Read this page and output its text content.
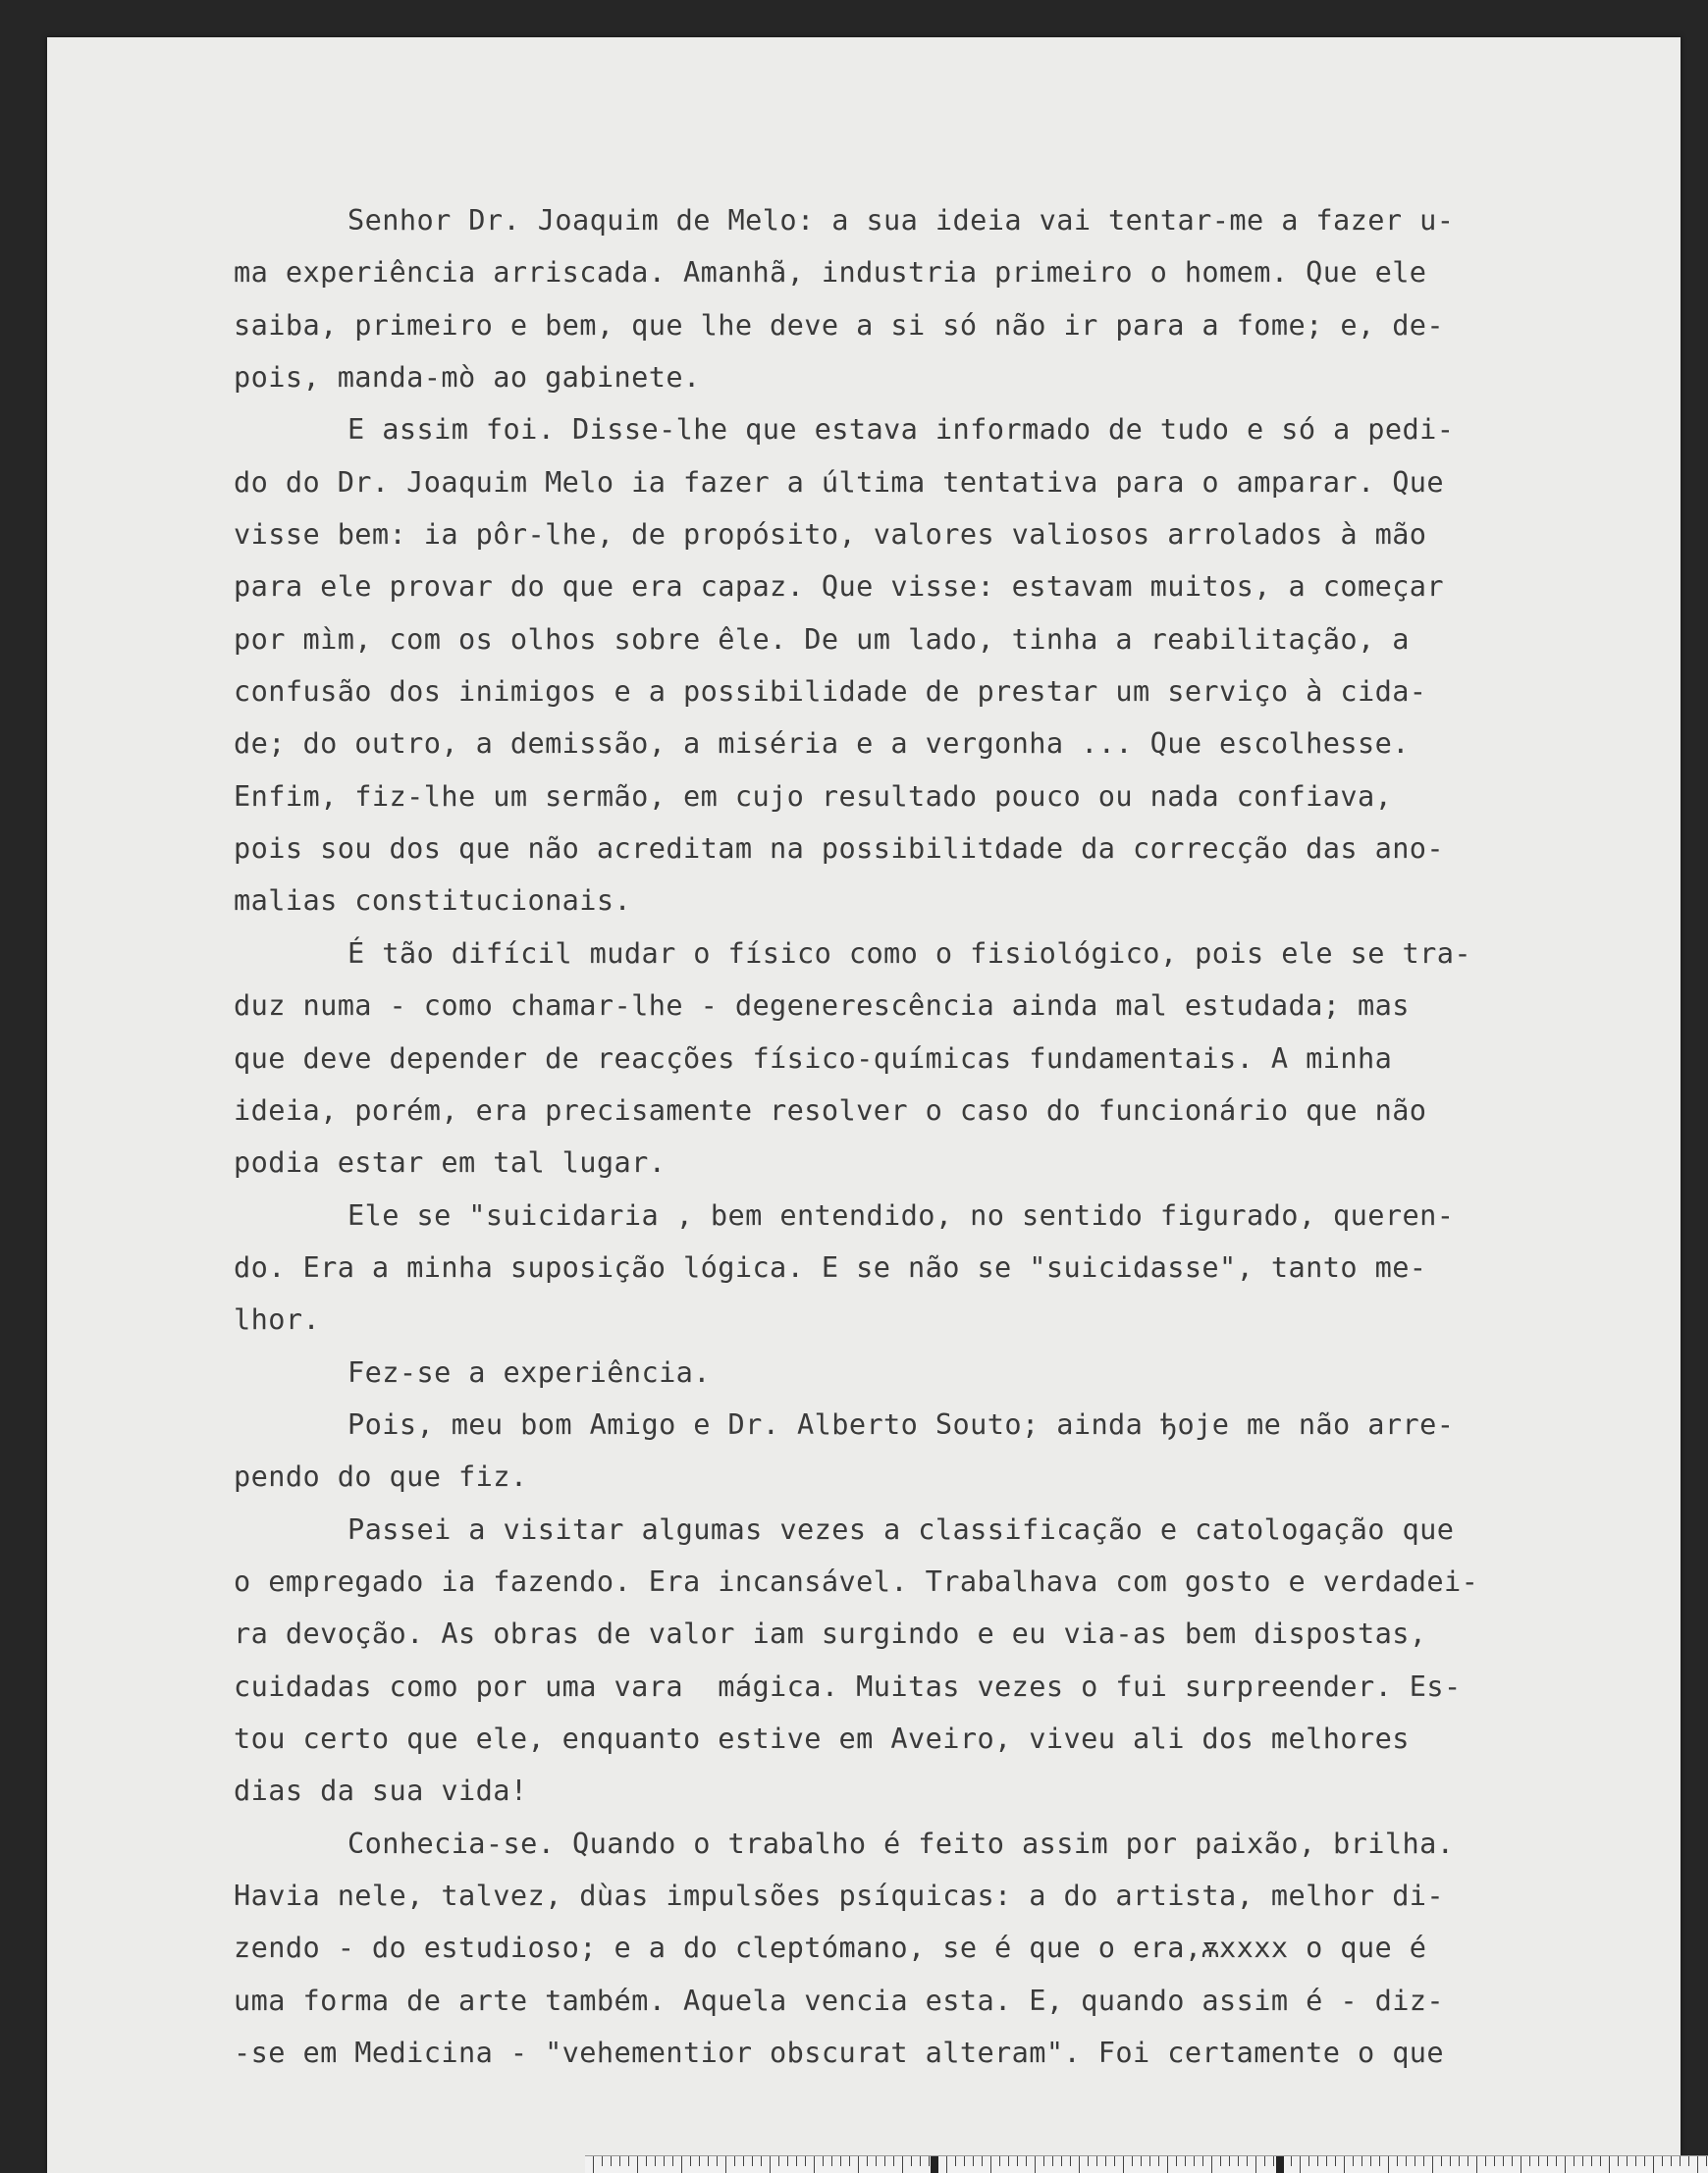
Senhor Dr. Joaquim de Melo: a sua ideia vai tentar-me a fazer u-
ma experiência arriscada. Amanhã, industria primeiro o homem. Que ele
saiba, primeiro e bem, que lhe deve a si só não ir para a fome; e, de-
pois, manda-mò ao gabinete.
E assim foi. Disse-lhe que estava informado de tudo e só a pedi-
do do Dr. Joaquim Melo ia fazer a última tentativa para o amparar. Que
visse bem: ia pôr-lhe, de propósito, valores valiosos arrolados à mão
para ele provar do que era capaz. Que visse: estavam muitos, a começar
por mìm, com os olhos sobre êle. De um lado, tinha a reabilitação, a
confusão dos inimigos e a possibilidade de prestar um serviço à cida-
de; do outro, a demissão, a miséria e a vergonha ... Que escolhesse.
Enfim, fiz-lhe um sermão, em cujo resultado pouco ou nada confiava,
pois sou dos que não acreditam na possibilitdade da correcção das ano-
malias constitucionais.
É tão difícil mudar o físico como o fisiológico, pois ele se tra-
duz numa - como chamar-lhe - degenerescência ainda mal estudada; mas
que deve depender de reacções físico-químicas fundamentais. A minha
ideia, porém, era precisamente resolver o caso do funcionário que não
podia estar em tal lugar.
Ele se "suicidaria , bem entendido, no sentido figurado, queren-
do. Era a minha suposição lógica. E se não se "suicidasse", tanto me-
lhor.
Fez-se a experiência.
Pois, meu bom Amigo e Dr. Alberto Souto; ainda ђoje me não arre-
pendo do que fiz.
Passei a visitar algumas vezes a classificação e catologação que
o empregado ia fazendo. Era incansável. Trabalhava com gosto e verdadei-
ra devoção. As obras de valor iam surgindo e eu via-as bem dispostas,
cuidadas como por uma vara  mágica. Muitas vezes o fui surpreender. Es-
tou certo que ele, enquanto estive em Aveiro, viveu ali dos melhores
dias da sua vida!
Conhecia-se. Quando o trabalho é feito assim por paixão, brilha.
Havia nele, talvez, dùas impulsões psíquicas: a do artista, melhor di-
zendo - do estudioso; e a do cleptómano, se é que o era,ѫxxxx o que é
uma forma de arte também. Aquela vencia esta. E, quando assim é - diz-
-se em Medicina - "vehementior obscurat alteram". Foi certamente o que
